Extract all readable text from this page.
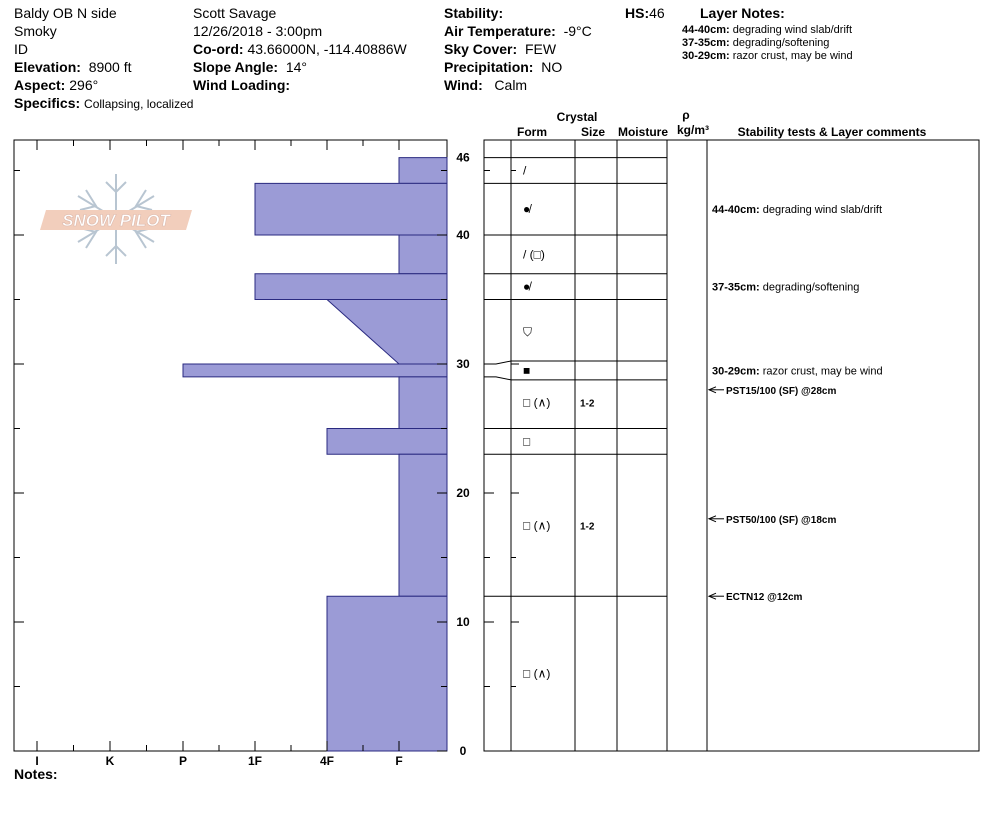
Baldy OB N side
Smoky
ID
Elevation: 8900 ft
Aspect: 296°
Specifics: Collapsing, localized
Scott Savage
12/26/2018 - 3:00pm
Co-ord: 43.66000N, -114.40886W
Slope Angle: 14°
Wind Loading:
Stability:
Air Temperature: -9°C
Sky Cover: FEW
Precipitation: NO
Wind: Calm
HS:46	Layer Notes:
44-40cm: degrading wind slab/drift
37-35cm: degrading/softening
30-29cm: razor crust, may be wind
Notes:
Crystal
Form	Size Moisture
ρ
kg/m³ Stability tests & Layer comments
SNOW PILOT
I	K	P	1F	4F	F
0
10
20
30
40
46
/
●̸
/ (□)
●̸
⛉
■
□ (∧)	1-2
□
□ (∧)	1-2
□ (∧)
44-40cm: degrading wind slab/drift
37-35cm: degrading/softening
30-29cm: razor crust, may be wind
PST15/100 (SF) @28cm
PST50/100 (SF) @18cm
ECTN12 @12cm
